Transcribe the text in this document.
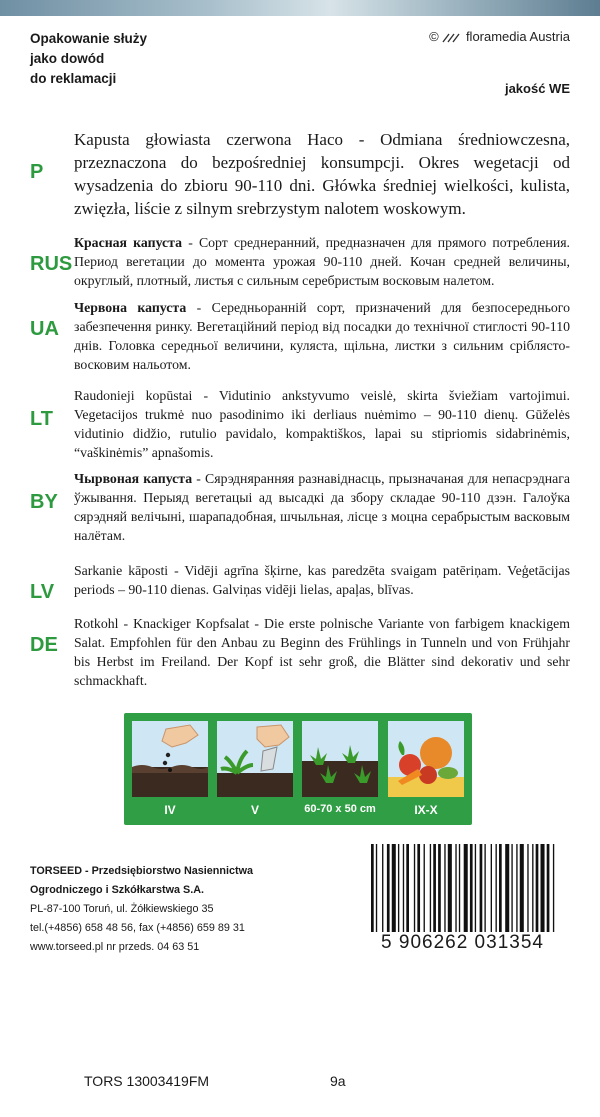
Opakowanie służy
jako dowód
do reklamacji
© floramedia Austria
jakość WE
P
Kapusta głowiasta czerwona Haco - Odmiana średniowczesna, przeznaczona do bezpośredniej konsumpcji. Okres wegetacji od wysadzenia do zbioru 90-110 dni. Główka średniej wielkości, kulista, zwięzła, liście z silnym srebrzystym nalotem woskowym.
RUS
Красная капуста - Сорт среднеранний, предназначен для прямого потребления. Период вегетации до момента урожая 90-110 дней. Кочан средней величины, округлый, плотный, листья с сильным серебристым восковым налетом.
UA
Червона капуста - Середньоранній сорт, призначений для безпосереднього забезпечення ринку. Вегетаційний період від посадки до технічної стиглості 90-110 днів. Головка середньої величини, кулястa, щільна, листки з сильним сріблясто-восковим нальотом.
LT
Raudonieji kopūstai - Vidutinio ankstyvumo veislė, skirta šviežiam vartojimui. Vegetacijos trukmė nuo pasodinimo iki derliaus nuėmimo – 90-110 dienų. Gūželės vidutinio didžio, rutulio pavidalo, kompaktiškos, lapai su stipriomis sidabrinėmis, “vaškinėmis” apnašomis.
BY
Чырвоная капуста - Сярэдняранняя разнавіднасць, прызначаная для непасрэднага ўжывання. Перыяд вегетацыі ад высадкі да збору складае 90-110 дзэн. Галоўка сярэдняй велічыні, шарападобная, шчыльная, лісце з моцна серабрыстым васковым налётам.
LV
Sarkanie kāposti - Vidēji agrīna šķirne, kas paredzēta svaigam patēriņam. Veģetācijas periods – 90-110 dienas. Galviņas vidēji lielas, apaļas, blīvas.
DE
Rotkohl - Knackiger Kopfsalat - Die erste polnische Variante von farbigem knackigem Salat. Empfohlen für den Anbau zu Beginn des Frühlings in Tunneln und von Frühjahr bis Herbst im Freiland. Der Kopf ist sehr groß, die Blätter sind dekorativ und sehr schmackhaft.
IV	V	60-70 x 50 cm	IX-X
TORSEED - Przedsiębiorstwo Nasiennictwa
Ogrodniczego i Szkółkarstwa S.A.
PL-87-100 Toruń, ul. Żółkiewskiego 35
tel.(+4856) 658 48 56, fax (+4856) 659 89 31
www.torseed.pl nr przeds. 04 63 51	5 906262 031354
TORS 13003419FM	9a
